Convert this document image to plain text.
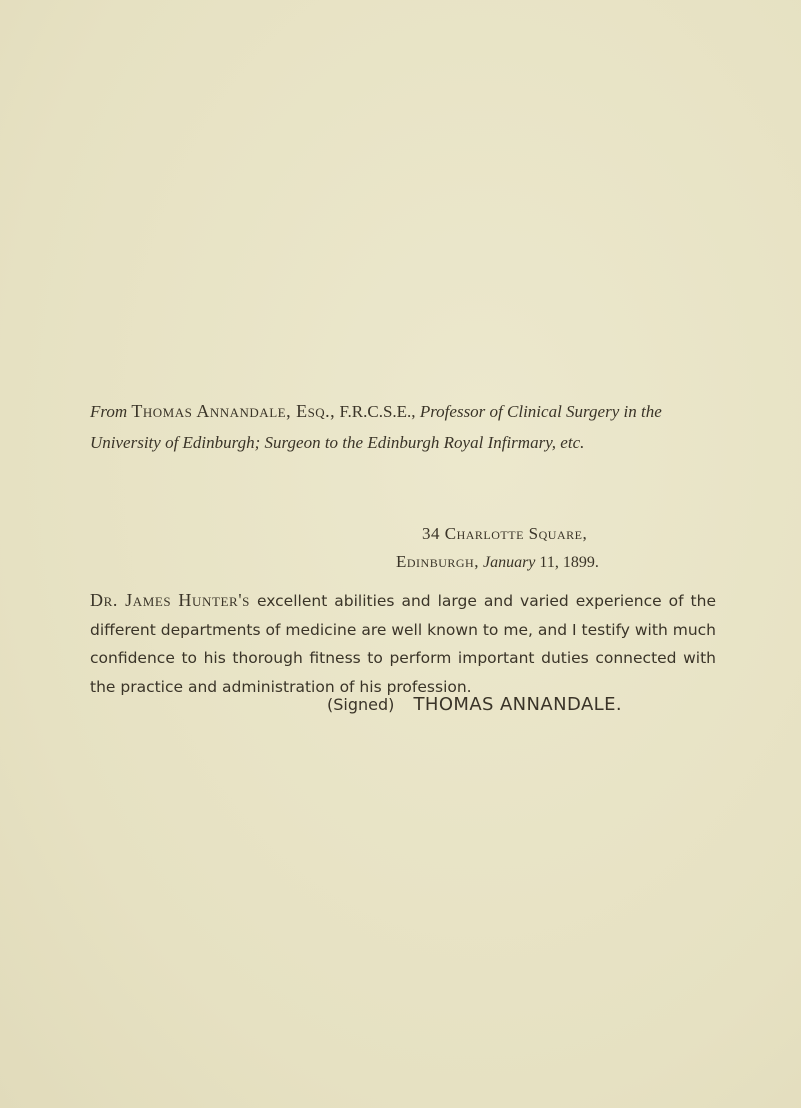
From Thomas Annandale, Esq., F.R.C.S.E., Professor of Clinical Surgery in the University of Edinburgh; Surgeon to the Edinburgh Royal Infirmary, etc.
34 Charlotte Square,
Edinburgh, January 11, 1899.
Dr. James Hunter's excellent abilities and large and varied experience of the different departments of medicine are well known to me, and I testify with much confidence to his thorough fitness to perform important duties connected with the practice and administration of his profession.
(Signed) THOMAS ANNANDALE.
